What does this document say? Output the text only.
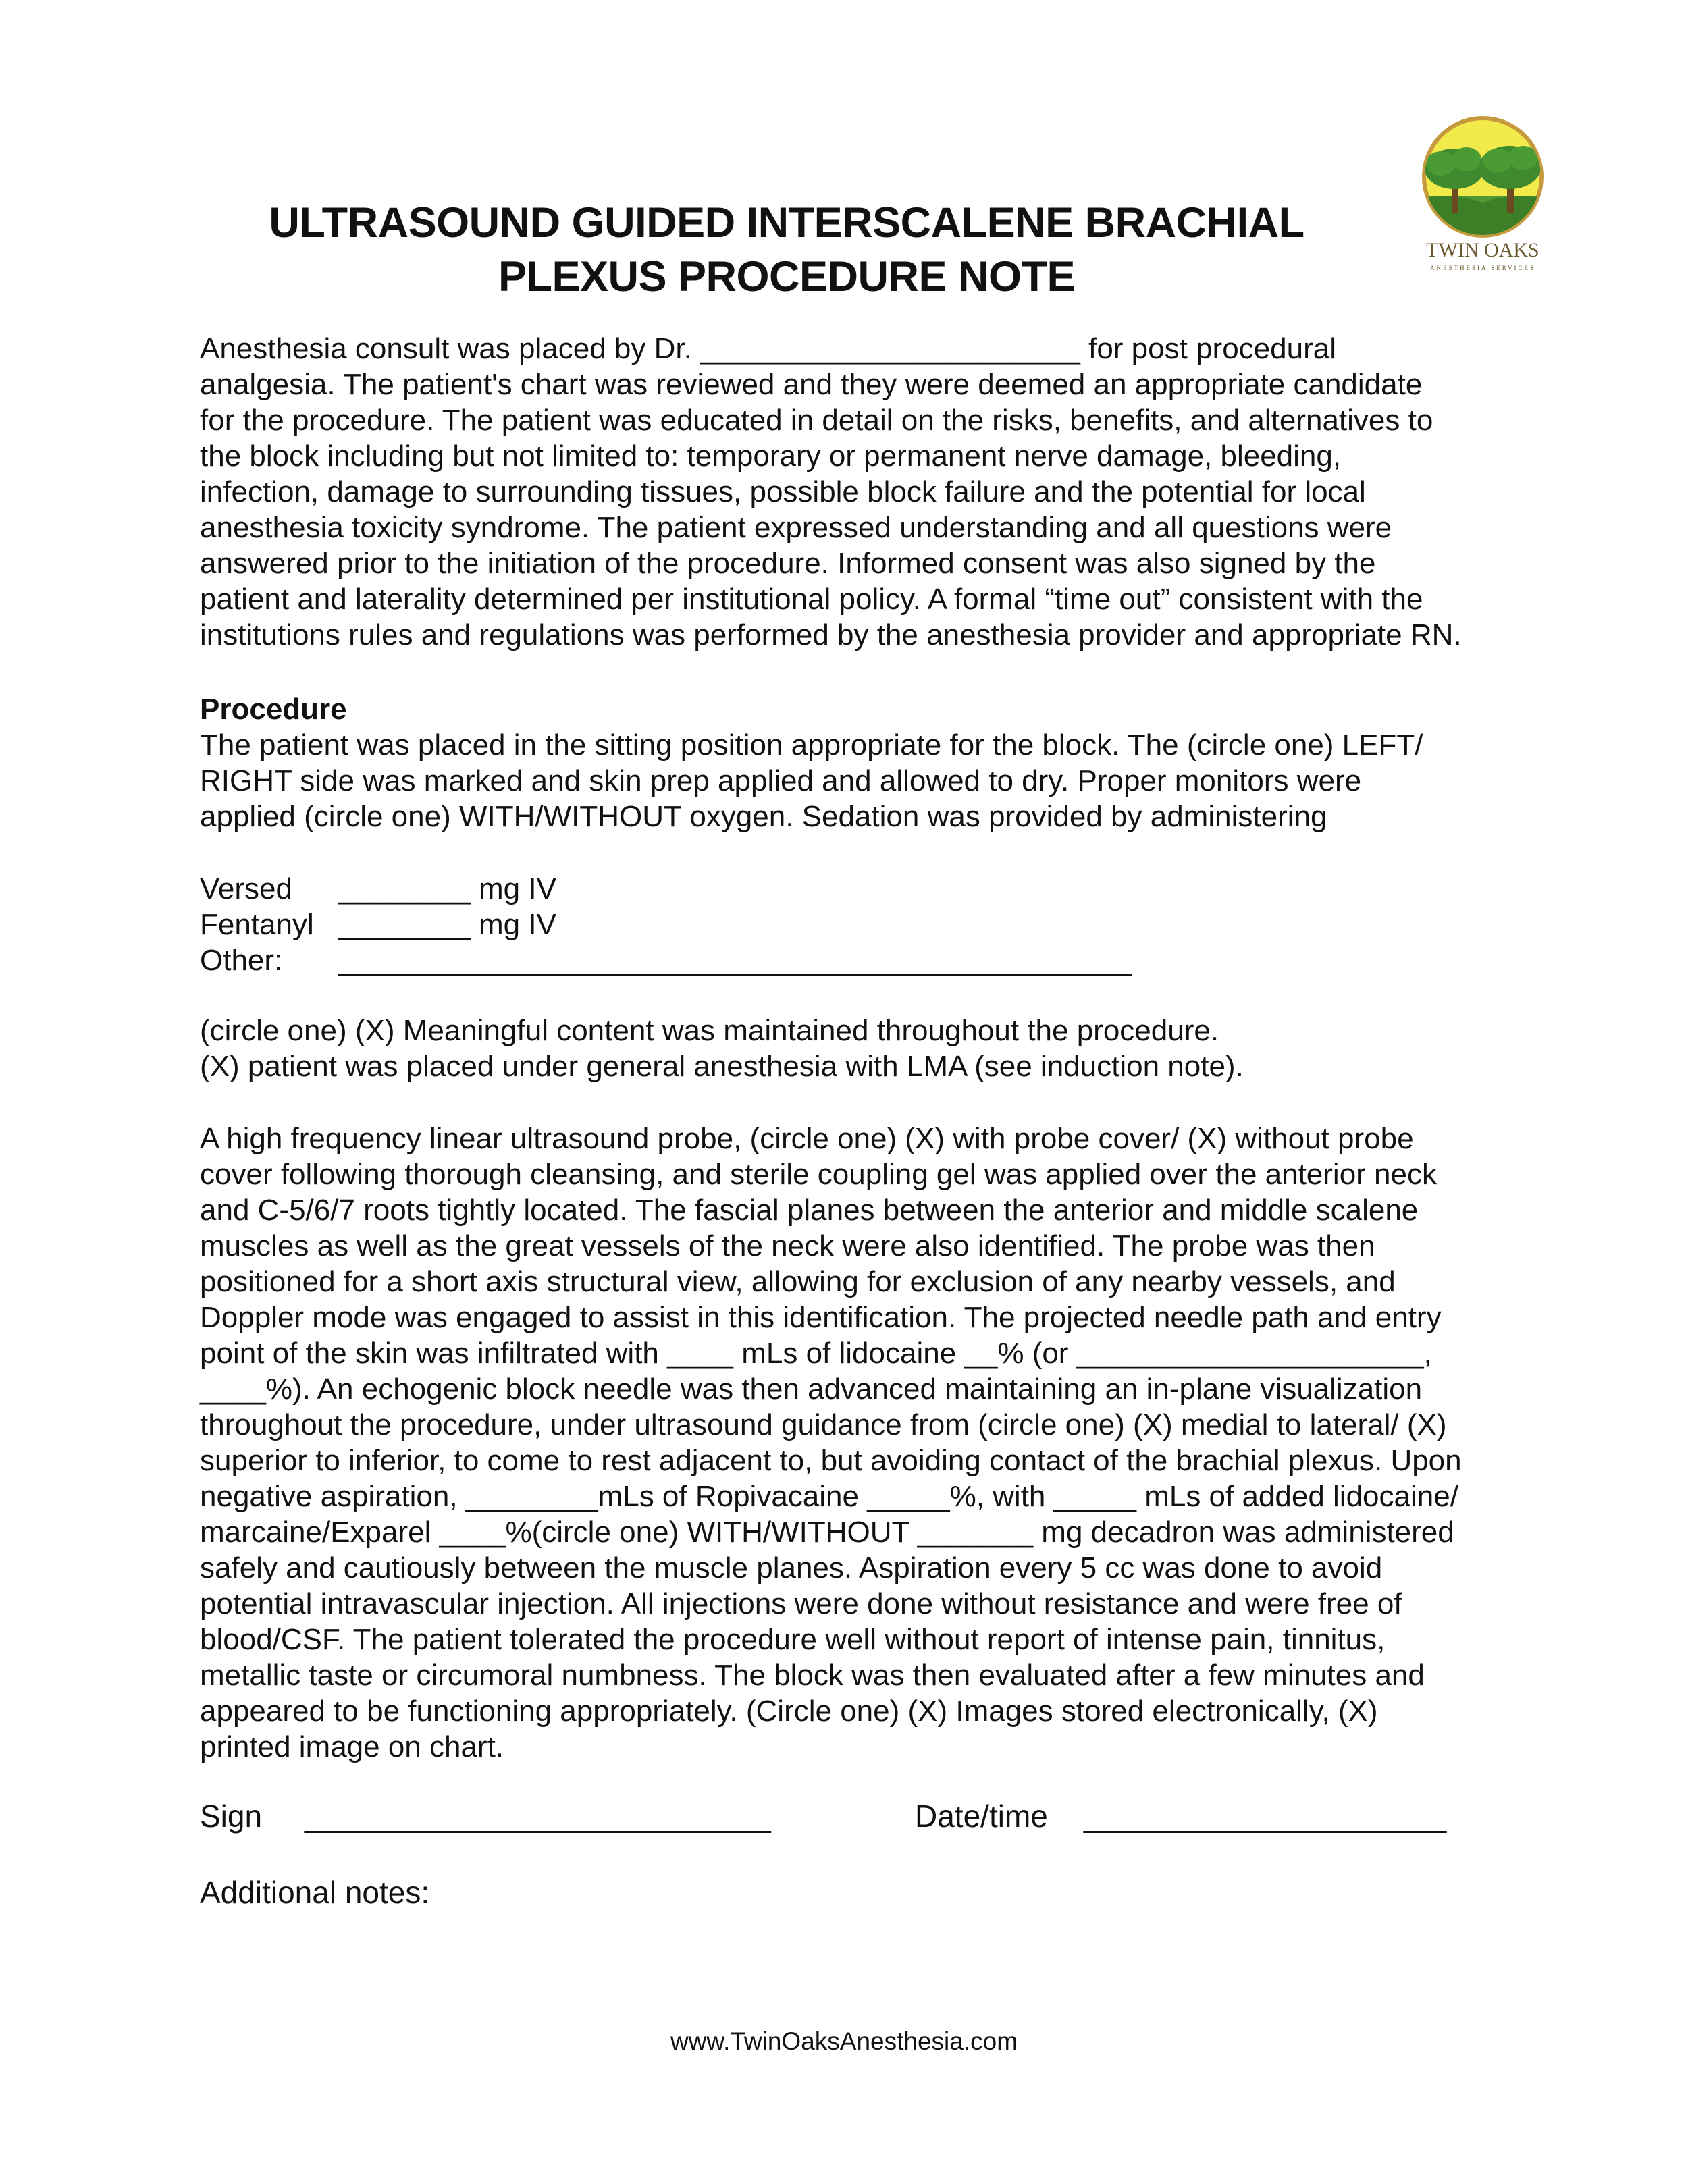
ULTRASOUND GUIDED INTERSCALENE BRACHIAL
PLEXUS PROCEDURE NOTE
TWIN OAKS
ANESTHESIA SERVICES
Anesthesia consult was placed by Dr. _______________________ for post procedural
analgesia. The patient's chart was reviewed and they were deemed an appropriate candidate
for the procedure. The patient was educated in detail on the risks, benefits, and alternatives to
the block including but not limited to: temporary or permanent nerve damage, bleeding,
infection, damage to surrounding tissues, possible block failure and the potential for local
anesthesia toxicity syndrome. The patient expressed understanding and all questions were
answered prior to the initiation of the procedure. Informed consent was also signed by the
patient and laterality determined per institutional policy. A formal “time out” consistent with the
institutions rules and regulations was performed by the anesthesia provider and appropriate RN.
Procedure
The patient was placed in the sitting position appropriate for the block. The (circle one) LEFT/
RIGHT side was marked and skin prep applied and allowed to dry. Proper monitors were
applied (circle one) WITH/WITHOUT oxygen. Sedation was provided by administering
Versed ________ mg IV
Fentanyl ________ mg IV
Other: ________________________________________________
(circle one) (X) Meaningful content was maintained throughout the procedure.
(X) patient was placed under general anesthesia with LMA (see induction note).
A high frequency linear ultrasound probe, (circle one) (X) with probe cover/ (X) without probe
cover following thorough cleansing, and sterile coupling gel was applied over the anterior neck
and C-5/6/7 roots tightly located. The fascial planes between the anterior and middle scalene
muscles as well as the great vessels of the neck were also identified. The probe was then
positioned for a short axis structural view, allowing for exclusion of any nearby vessels, and
Doppler mode was engaged to assist in this identification. The projected needle path and entry
point of the skin was infiltrated with ____ mLs of lidocaine __% (or _____________________,
____%). An echogenic block needle was then advanced maintaining an in-plane visualization
throughout the procedure, under ultrasound guidance from (circle one) (X) medial to lateral/ (X)
superior to inferior, to come to rest adjacent to, but avoiding contact of the brachial plexus. Upon
negative aspiration, ________mLs of Ropivacaine _____%, with _____ mLs of added lidocaine/
marcaine/Exparel ____%(circle one) WITH/WITHOUT _______ mg decadron was administered
safely and cautiously between the muscle planes. Aspiration every 5 cc was done to avoid
potential intravascular injection. All injections were done without resistance and were free of
blood/CSF. The patient tolerated the procedure well without report of intense pain, tinnitus,
metallic taste or circumoral numbness. The block was then evaluated after a few minutes and
appeared to be functioning appropriately. (Circle one) (X) Images stored electronically, (X)
printed image on chart.
Sign ___________________________	Date/time _____________________
Additional notes:
www.TwinOaksAnesthesia.com
